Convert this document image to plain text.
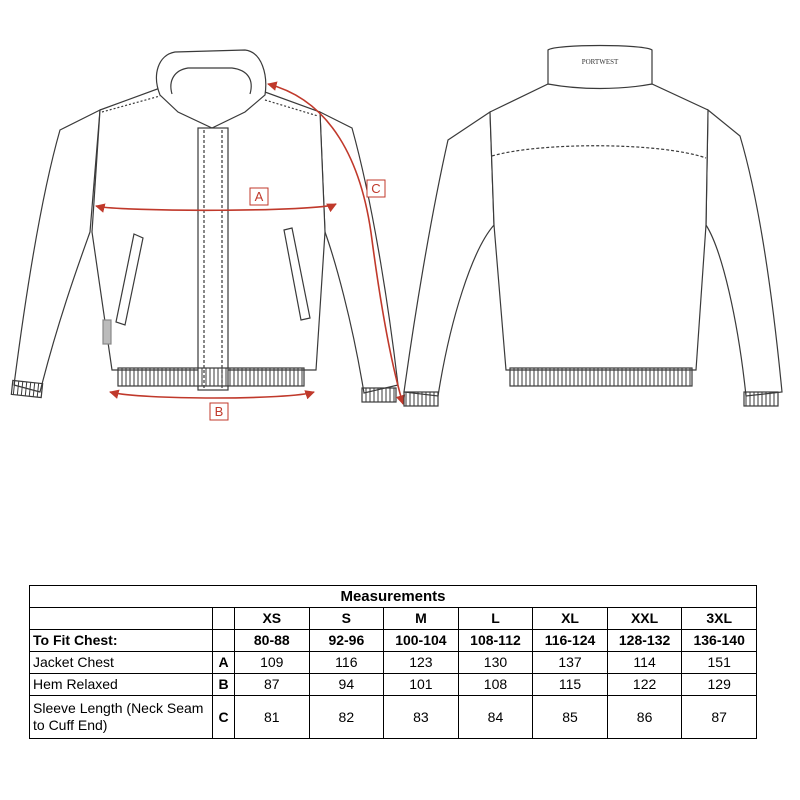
A
C
B
PORTWEST
Measurements								
		XS	S	M	L	XL	XXL	3XL
To Fit Chest:		80-88	92-96	100-104	108-112	116-124	128-132	136-140
Jacket Chest	A	109	116	123	130	137	114	151
Hem Relaxed	B	87	94	101	108	115	122	129
Sleeve Length (Neck Seam to Cuff End)	C	81	82	83	84	85	86	87
